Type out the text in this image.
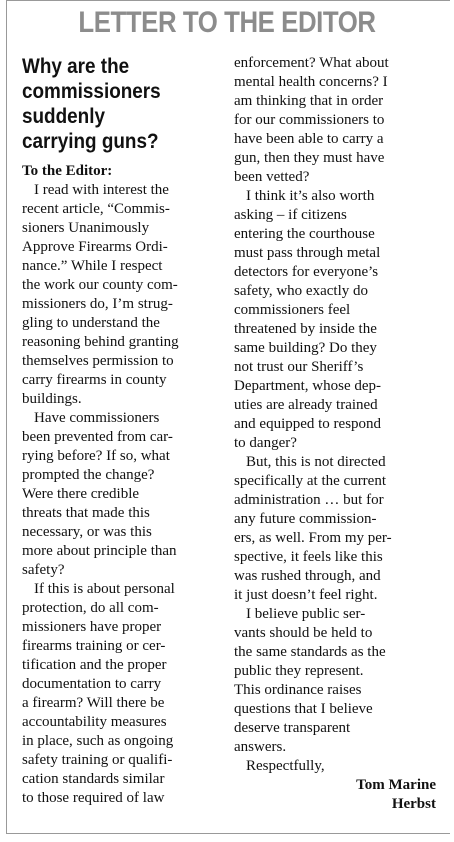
LETTER TO THE EDITOR
Why are the
commissioners
suddenly
carrying guns?
To the Editor:
I read with interest the
recent article, “Commis-
sioners Unanimously
Approve Firearms Ordi-
nance.” While I respect
the work our county com-
missioners do, I’m strug-
gling to understand the
reasoning behind granting
themselves permission to
carry firearms in county
buildings.
Have commissioners
been prevented from car-
rying before? If so, what
prompted the change?
Were there credible
threats that made this
necessary, or was this
more about principle than
safety?
If this is about personal
protection, do all com-
missioners have proper
firearms training or cer-
tification and the proper
documentation to carry
a firearm? Will there be
accountability measures
in place, such as ongoing
safety training or qualifi-
cation standards similar
to those required of law
enforcement? What about
mental health concerns? I
am thinking that in order
for our commissioners to
have been able to carry a
gun, then they must have
been vetted?
I think it’s also worth
asking – if citizens
entering the courthouse
must pass through metal
detectors for everyone’s
safety, who exactly do
commissioners feel
threatened by inside the
same building? Do they
not trust our Sheriff’s
Department, whose dep-
uties are already trained
and equipped to respond
to danger?
But, this is not directed
specifically at the current
administration … but for
any future commission-
ers, as well. From my per-
spective, it feels like this
was rushed through, and
it just doesn’t feel right.
I believe public ser-
vants should be held to
the same standards as the
public they represent.
This ordinance raises
questions that I believe
deserve transparent
answers.
Respectfully,
Tom Marine
Herbst
